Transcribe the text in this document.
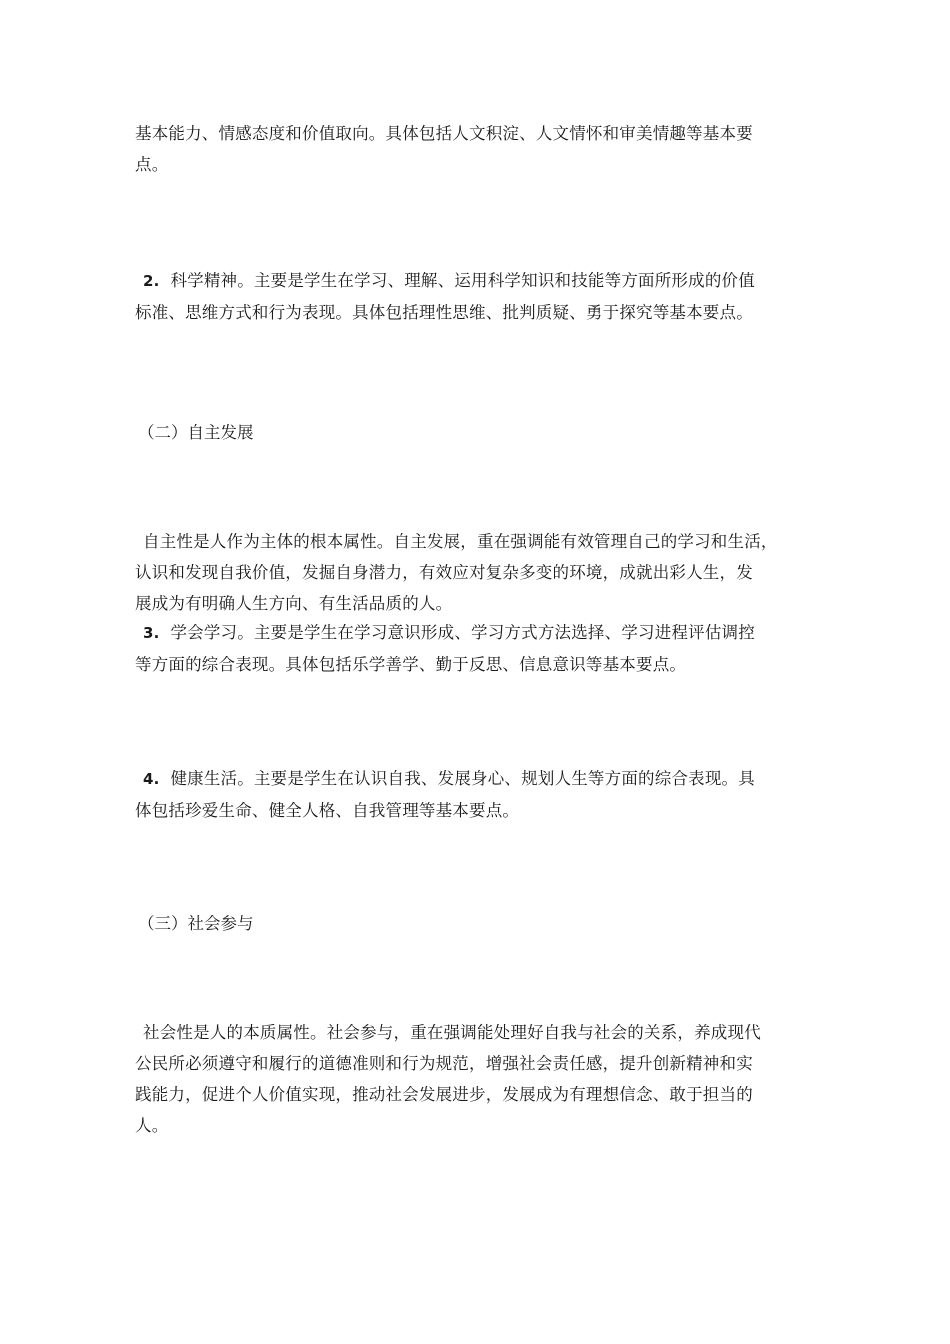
基本能力、情感态度和价值取向。具体包括人文积淀、人文情怀和审美情趣等基本要
点。
2. 科学精神。主要是学生在学习、理解、运用科学知识和技能等方面所形成的价值
标准、思维方式和行为表现。具体包括理性思维、批判质疑、勇于探究等基本要点。
（二）自主发展
自主性是人作为主体的根本属性。自主发展，重在强调能有效管理自己的学习和生活，
认识和发现自我价值，发掘自身潜力，有效应对复杂多变的环境，成就出彩人生，发
展成为有明确人生方向、有生活品质的人。
3. 学会学习。主要是学生在学习意识形成、学习方式方法选择、学习进程评估调控
等方面的综合表现。具体包括乐学善学、勤于反思、信息意识等基本要点。
4. 健康生活。主要是学生在认识自我、发展身心、规划人生等方面的综合表现。具
体包括珍爱生命、健全人格、自我管理等基本要点。
（三）社会参与
社会性是人的本质属性。社会参与，重在强调能处理好自我与社会的关系，养成现代
公民所必须遵守和履行的道德准则和行为规范，增强社会责任感，提升创新精神和实
践能力，促进个人价值实现，推动社会发展进步，发展成为有理想信念、敢于担当的
人。
